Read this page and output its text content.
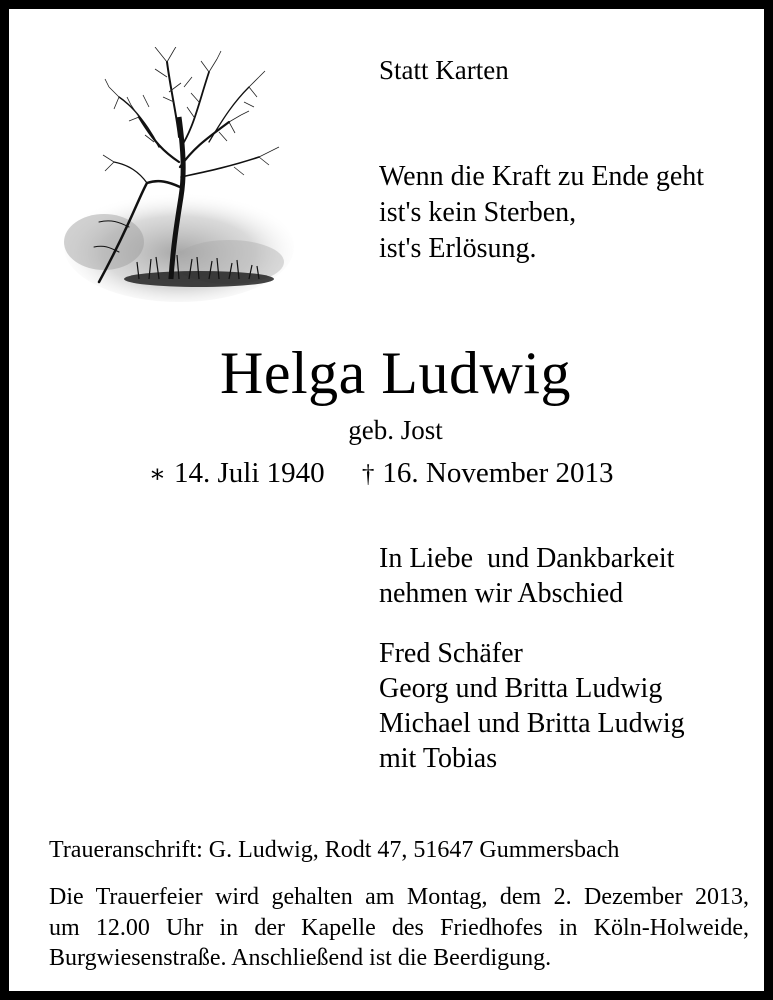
Statt Karten
Wenn die Kraft zu Ende geht
ist's kein Sterben,
ist's Erlösung.
Helga Ludwig
geb. Jost
∗ 14. Juli 1940 † 16. November 2013
In Liebe  und Dankbarkeit
nehmen wir Abschied
Fred Schäfer
Georg und Britta Ludwig
Michael und Britta Ludwig
mit Tobias
Traueranschrift: G. Ludwig, Rodt 47, 51647 Gummersbach
Die Trauerfeier wird gehalten am Montag, dem 2. Dezember 2013,
um 12.00 Uhr in der Kapelle des Friedhofes in Köln-Holweide,
Burgwiesenstraße. Anschließend ist die Beerdigung.
